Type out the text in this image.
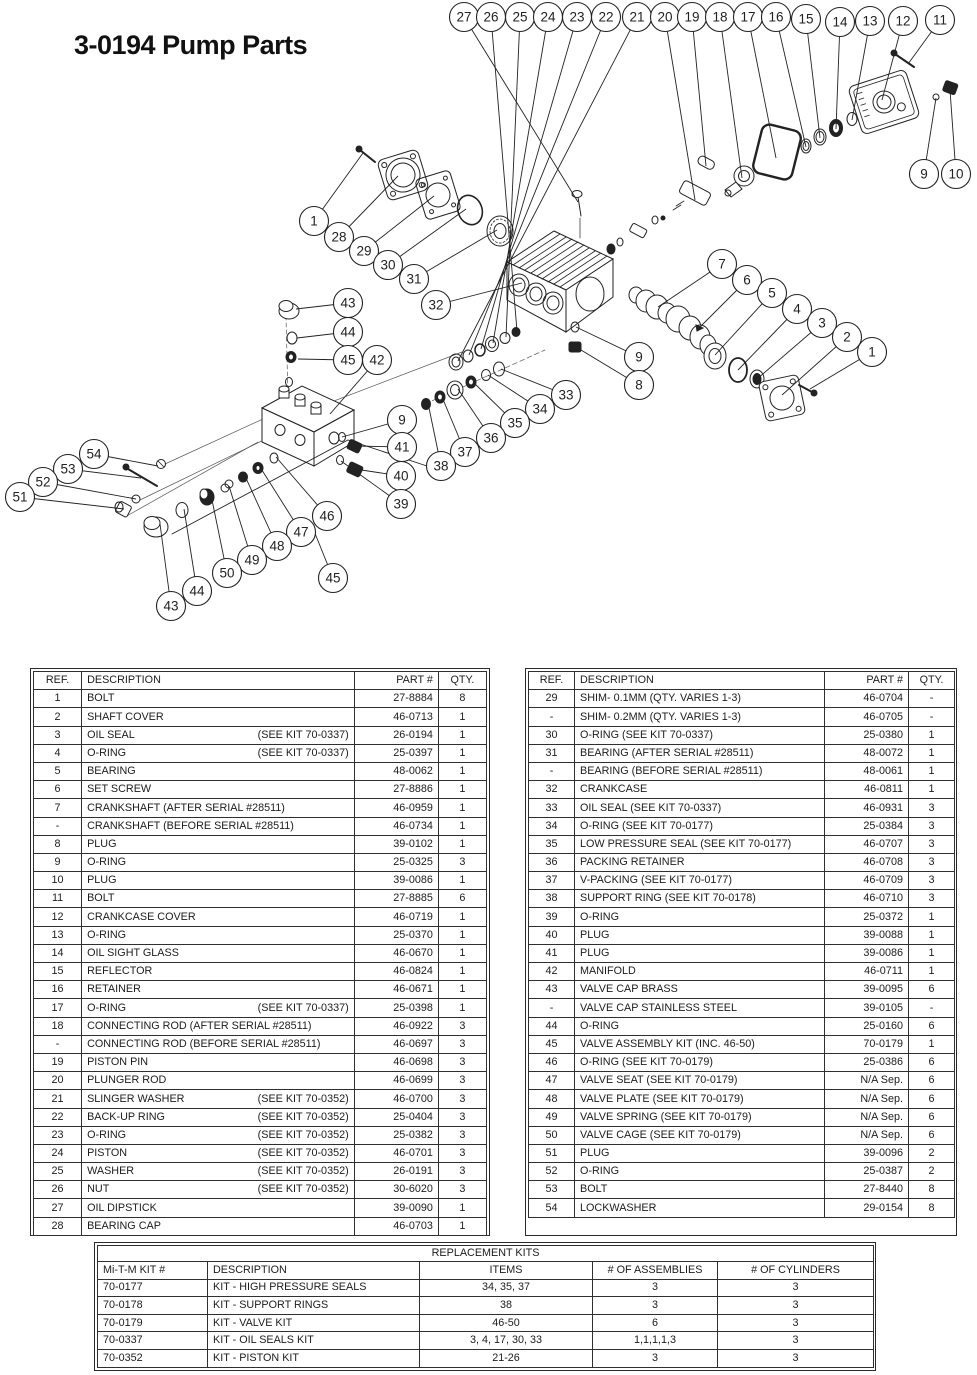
3-0194 Pump Parts
27 26 25 24 23 22 21 20 19 18 17 16 15 14 13 12 11
9 10
1
28
29
30
31
32
43
44
45 42
7
6
5
4
3
2
1
9
8
33
34
35
36
37
38
9
41
40
39
54
53
52
51
46
47
48
49
50
44
43
45
REF.	DESCRIPTION	PART #	QTY.
1	BOLT	27-8884	8
2	SHAFT COVER	46-0713	1
3	OIL SEAL (SEE KIT 70-0337)	26-0194	1
4	O-RING (SEE KIT 70-0337)	25-0397	1
5	BEARING	48-0062	1
6	SET SCREW	27-8886	1
7	CRANKSHAFT (AFTER SERIAL #28511)	46-0959	1
-	CRANKSHAFT (BEFORE SERIAL #28511)	46-0734	1
8	PLUG	39-0102	1
9	O-RING	25-0325	3
10	PLUG	39-0086	1
11	BOLT	27-8885	6
12	CRANKCASE COVER	46-0719	1
13	O-RING	25-0370	1
14	OIL SIGHT GLASS	46-0670	1
15	REFLECTOR	46-0824	1
16	RETAINER	46-0671	1
17	O-RING (SEE KIT 70-0337)	25-0398	1
18	CONNECTING ROD (AFTER SERIAL #28511)	46-0922	3
-	CONNECTING ROD (BEFORE SERIAL #28511)	46-0697	3
19	PISTON PIN	46-0698	3
20	PLUNGER ROD	46-0699	3
21	SLINGER WASHER (SEE KIT 70-0352)	46-0700	3
22	BACK-UP RING (SEE KIT 70-0352)	25-0404	3
23	O-RING (SEE KIT 70-0352)	25-0382	3
24	PISTON (SEE KIT 70-0352)	46-0701	3
25	WASHER (SEE KIT 70-0352)	26-0191	3
26	NUT (SEE KIT 70-0352)	30-6020	3
27	OIL DIPSTICK	39-0090	1
28	BEARING CAP	46-0703	1
REF.	DESCRIPTION	PART #	QTY.
29	SHIM- 0.1MM (QTY. VARIES 1-3)	46-0704	-
-	SHIM- 0.2MM (QTY. VARIES 1-3)	46-0705	-
30	O-RING (SEE KIT 70-0337)	25-0380	1
31	BEARING (AFTER SERIAL #28511)	48-0072	1
-	BEARING (BEFORE SERIAL #28511)	48-0061	1
32	CRANKCASE	46-0811	1
33	OIL SEAL (SEE KIT 70-0337)	46-0931	3
34	O-RING (SEE KIT 70-0177)	25-0384	3
35	LOW PRESSURE SEAL (SEE KIT 70-0177)	46-0707	3
36	PACKING RETAINER	46-0708	3
37	V-PACKING (SEE KIT 70-0177)	46-0709	3
38	SUPPORT RING (SEE KIT 70-0178)	46-0710	3
39	O-RING	25-0372	1
40	PLUG	39-0088	1
41	PLUG	39-0086	1
42	MANIFOLD	46-0711	1
43	VALVE CAP BRASS	39-0095	6
-	VALVE CAP STAINLESS STEEL	39-0105	-
44	O-RING	25-0160	6
45	VALVE ASSEMBLY KIT (INC. 46-50)	70-0179	1
46	O-RING (SEE KIT 70-0179)	25-0386	6
47	VALVE SEAT (SEE KIT 70-0179)	N/A Sep.	6
48	VALVE PLATE (SEE KIT 70-0179)	N/A Sep.	6
49	VALVE SPRING (SEE KIT 70-0179)	N/A Sep.	6
50	VALVE CAGE (SEE KIT 70-0179)	N/A Sep.	6
51	PLUG	39-0096	2
52	O-RING	25-0387	2
53	BOLT	27-8440	8
54	LOCKWASHER	29-0154	8
REPLACEMENT KITS				
Mi-T-M KIT #	DESCRIPTION	ITEMS	# OF ASSEMBLIES	# OF CYLINDERS
70-0177	KIT - HIGH PRESSURE SEALS	34, 35, 37	3	3
70-0178	KIT - SUPPORT RINGS	38	3	3
70-0179	KIT - VALVE KIT	46-50	6	3
70-0337	KIT - OIL SEALS KIT	3, 4, 17, 30, 33	1,1,1,1,3	3
70-0352	KIT - PISTON KIT	21-26	3	3
